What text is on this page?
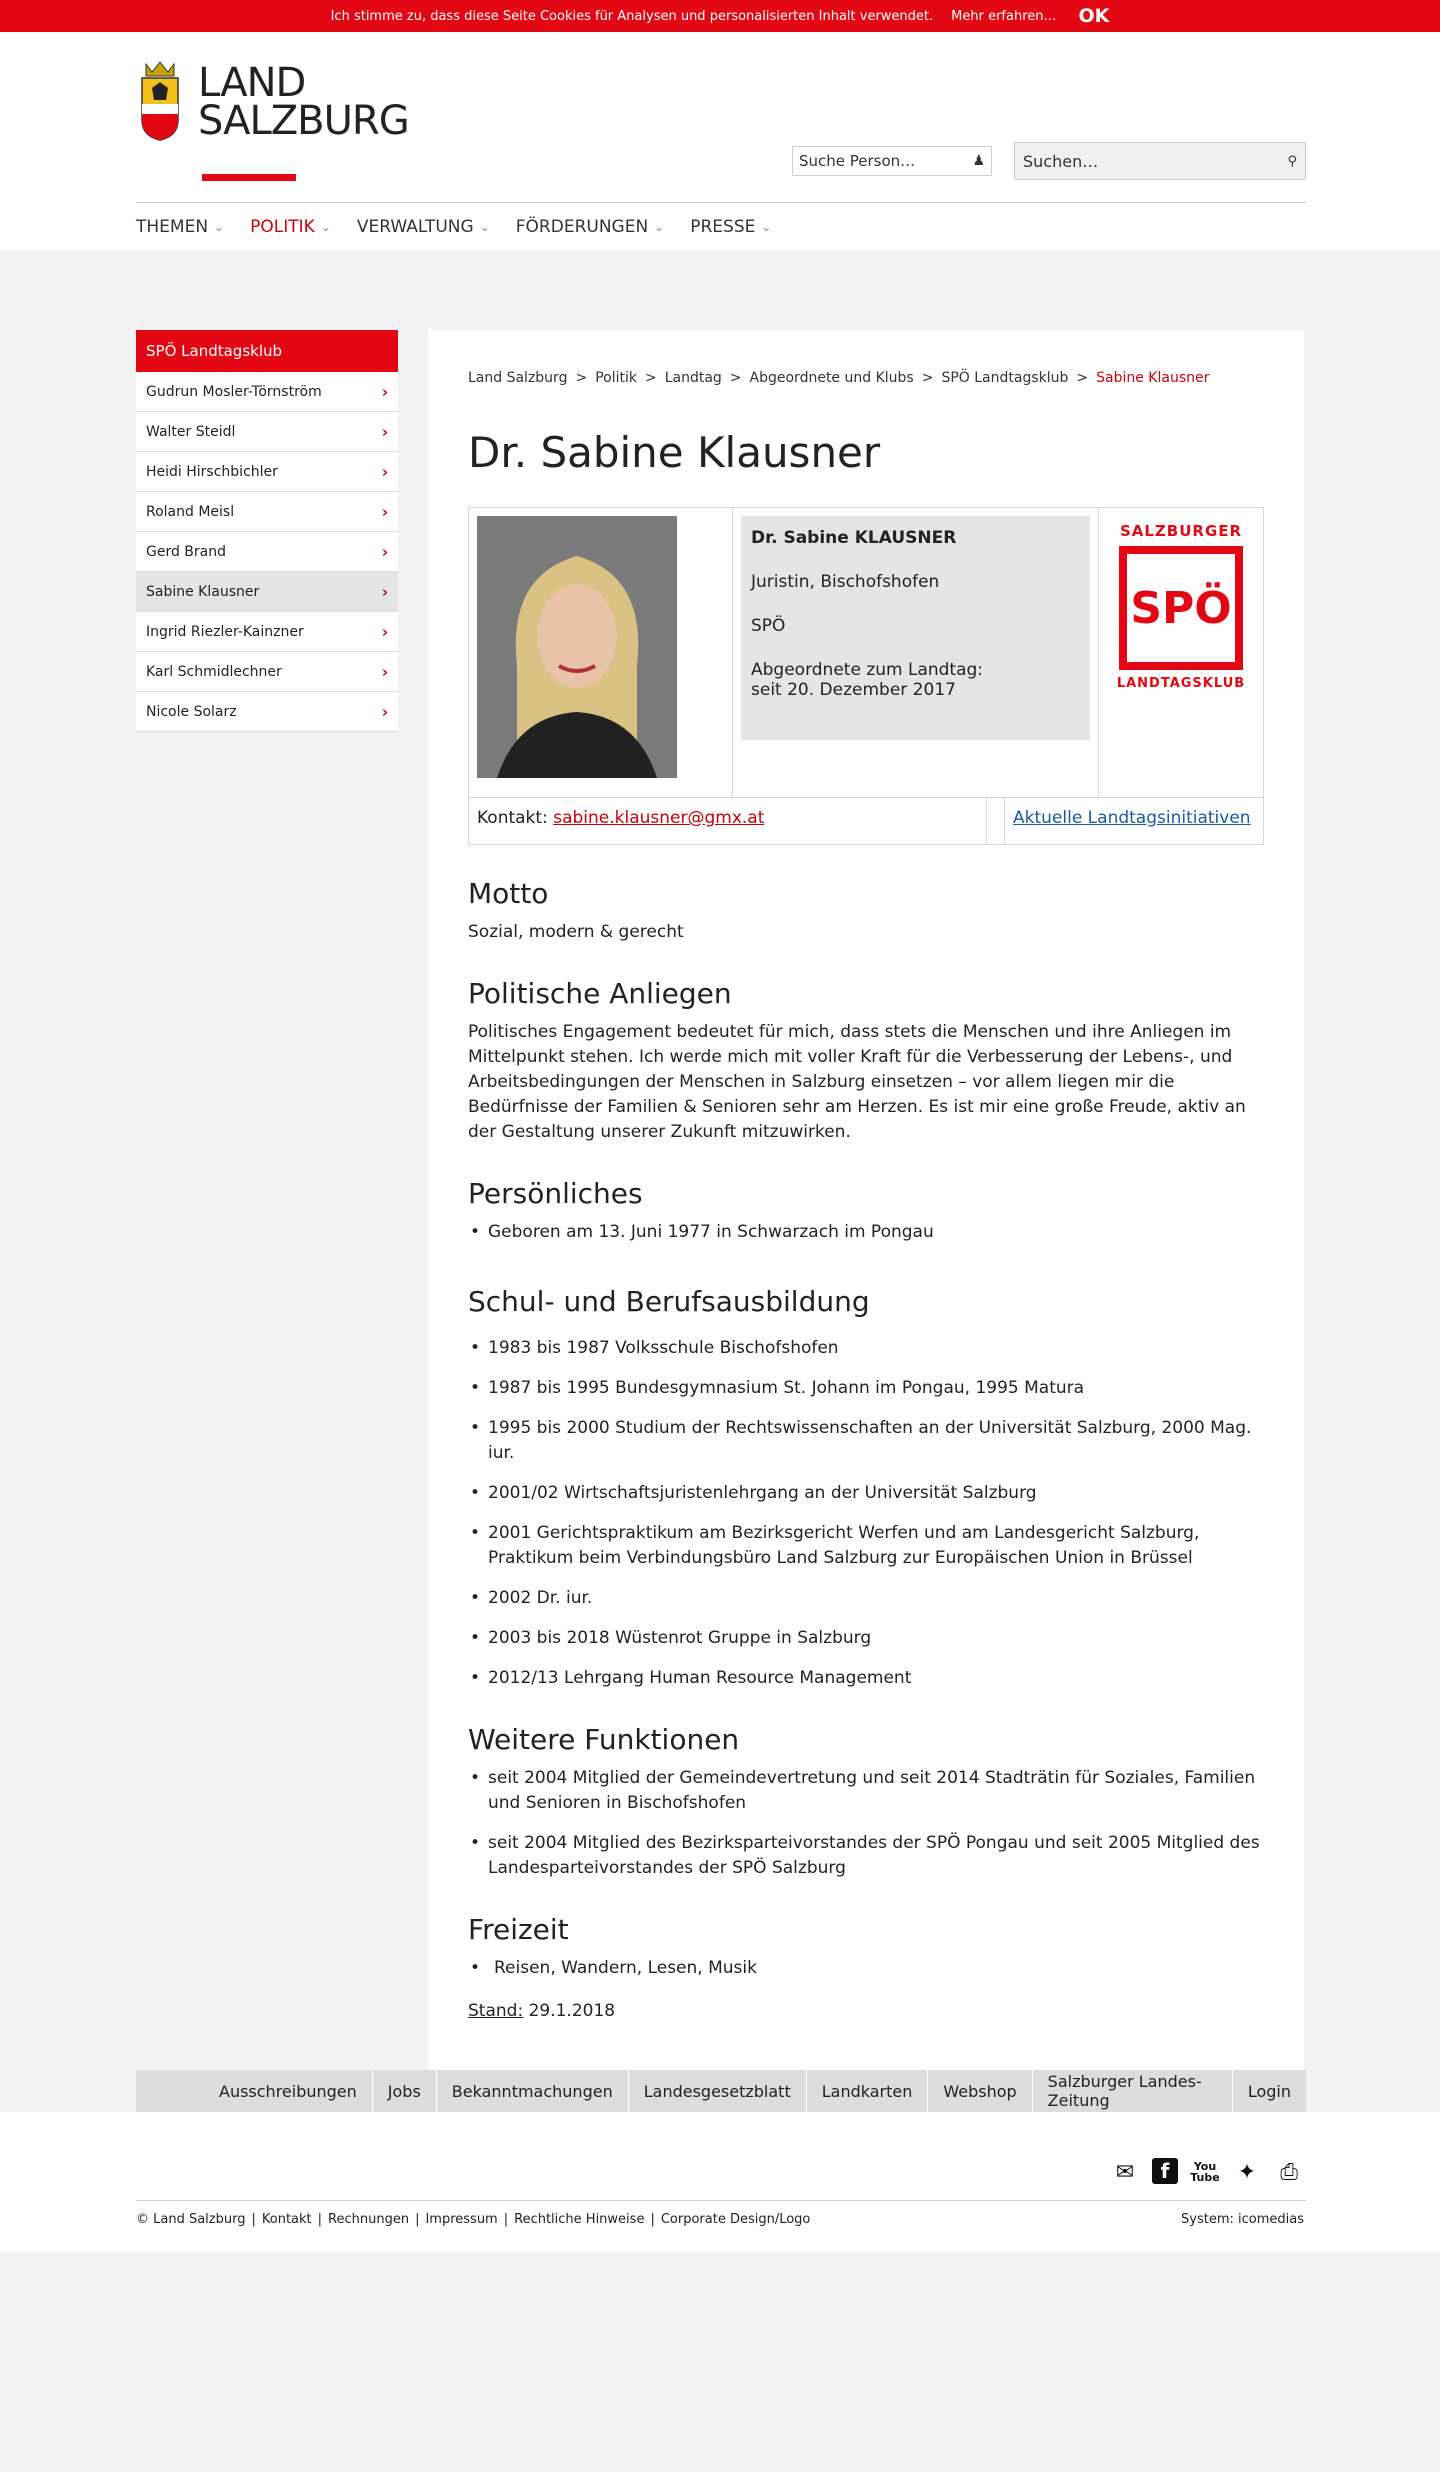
Ich stimme zu, dass diese Seite Cookies für Analysen und personalisierten Inhalt verwendet. Mehr erfahren… OK
LAND
SALZBURG
Suche Person…	♟ Suchen…	⚲
THEMEN ⌄ POLITIK ⌄ VERWALTUNG ⌄ FÖRDERUNGEN ⌄ PRESSE ⌄
SPÖ Landtagsklub
Gudrun Mosler-Törnström	›
Walter Steidl	›
Heidi Hirschbichler	›
Roland Meisl	›
Gerd Brand	›
Sabine Klausner	›
Ingrid Riezler-Kainzner	›
Karl Schmidlechner	›
Nicole Solarz	›
Land Salzburg > Politik > Landtag > Abgeordnete und Klubs > SPÖ Landtagsklub > Sabine Klausner
Dr. Sabine Klausner

Dr. Sabine KLAUSNER

Juristin, Bischofshofen

SPÖ

Abgeordnete zum Landtag:
seit 20. Dezember 2017
SALZBURGER
SPÖ
LANDTAGSKLUB
Kontakt: sabine.klausner@gmx.at	Aktuelle Landtagsinitiativen
Motto
Sozial, modern & gerecht
Politische Anliegen
Politisches Engagement bedeutet für mich, dass stets die Menschen und ihre Anliegen im Mittelpunkt stehen. Ich werde mich mit voller Kraft für die Verbesserung der Lebens-, und Arbeitsbedingungen der Menschen in Salzburg einsetzen – vor allem liegen mir die Bedürfnisse der Familien & Senioren sehr am Herzen. Es ist mir eine große Freude, aktiv an der Gestaltung unserer Zukunft mitzuwirken.
Persönliches
• Geboren am 13. Juni 1977 in Schwarzach im Pongau
Schul- und Berufsausbildung
• 1983 bis 1987 Volksschule Bischofshofen
• 1987 bis 1995 Bundesgymnasium St. Johann im Pongau, 1995 Matura
• 1995 bis 2000 Studium der Rechtswissenschaften an der Universität Salzburg, 2000 Mag. iur.
• 2001/02 Wirtschaftsjuristenlehrgang an der Universität Salzburg
• 2001 Gerichtspraktikum am Bezirksgericht Werfen und am Landesgericht Salzburg, Praktikum beim Verbindungsbüro Land Salzburg zur Europäischen Union in Brüssel
• 2002 Dr. iur.
• 2003 bis 2018 Wüstenrot Gruppe in Salzburg
• 2012/13 Lehrgang Human Resource Management
Weitere Funktionen
• seit 2004 Mitglied der Gemeindevertretung und seit 2014 Stadträtin für Soziales, Familien und Senioren in Bischofshofen
• seit 2004 Mitglied des Bezirksparteivorstandes der SPÖ Pongau und seit 2005 Mitglied des Landesparteivorstandes der SPÖ Salzburg
Freizeit
• Reisen, Wandern, Lesen, Musik
Stand: 29.1.2018
Ausschreibungen	Jobs	Bekanntmachungen	Landesgesetzblatt	Landkarten	Webshop	Salzburger Landes-Zeitung	Login
✉	f	You
Tube ✦ ⎙
© Land Salzburg | Kontakt | Rechnungen | Impressum | Rechtliche Hinweise | Corporate Design/Logo	System: icomedias
